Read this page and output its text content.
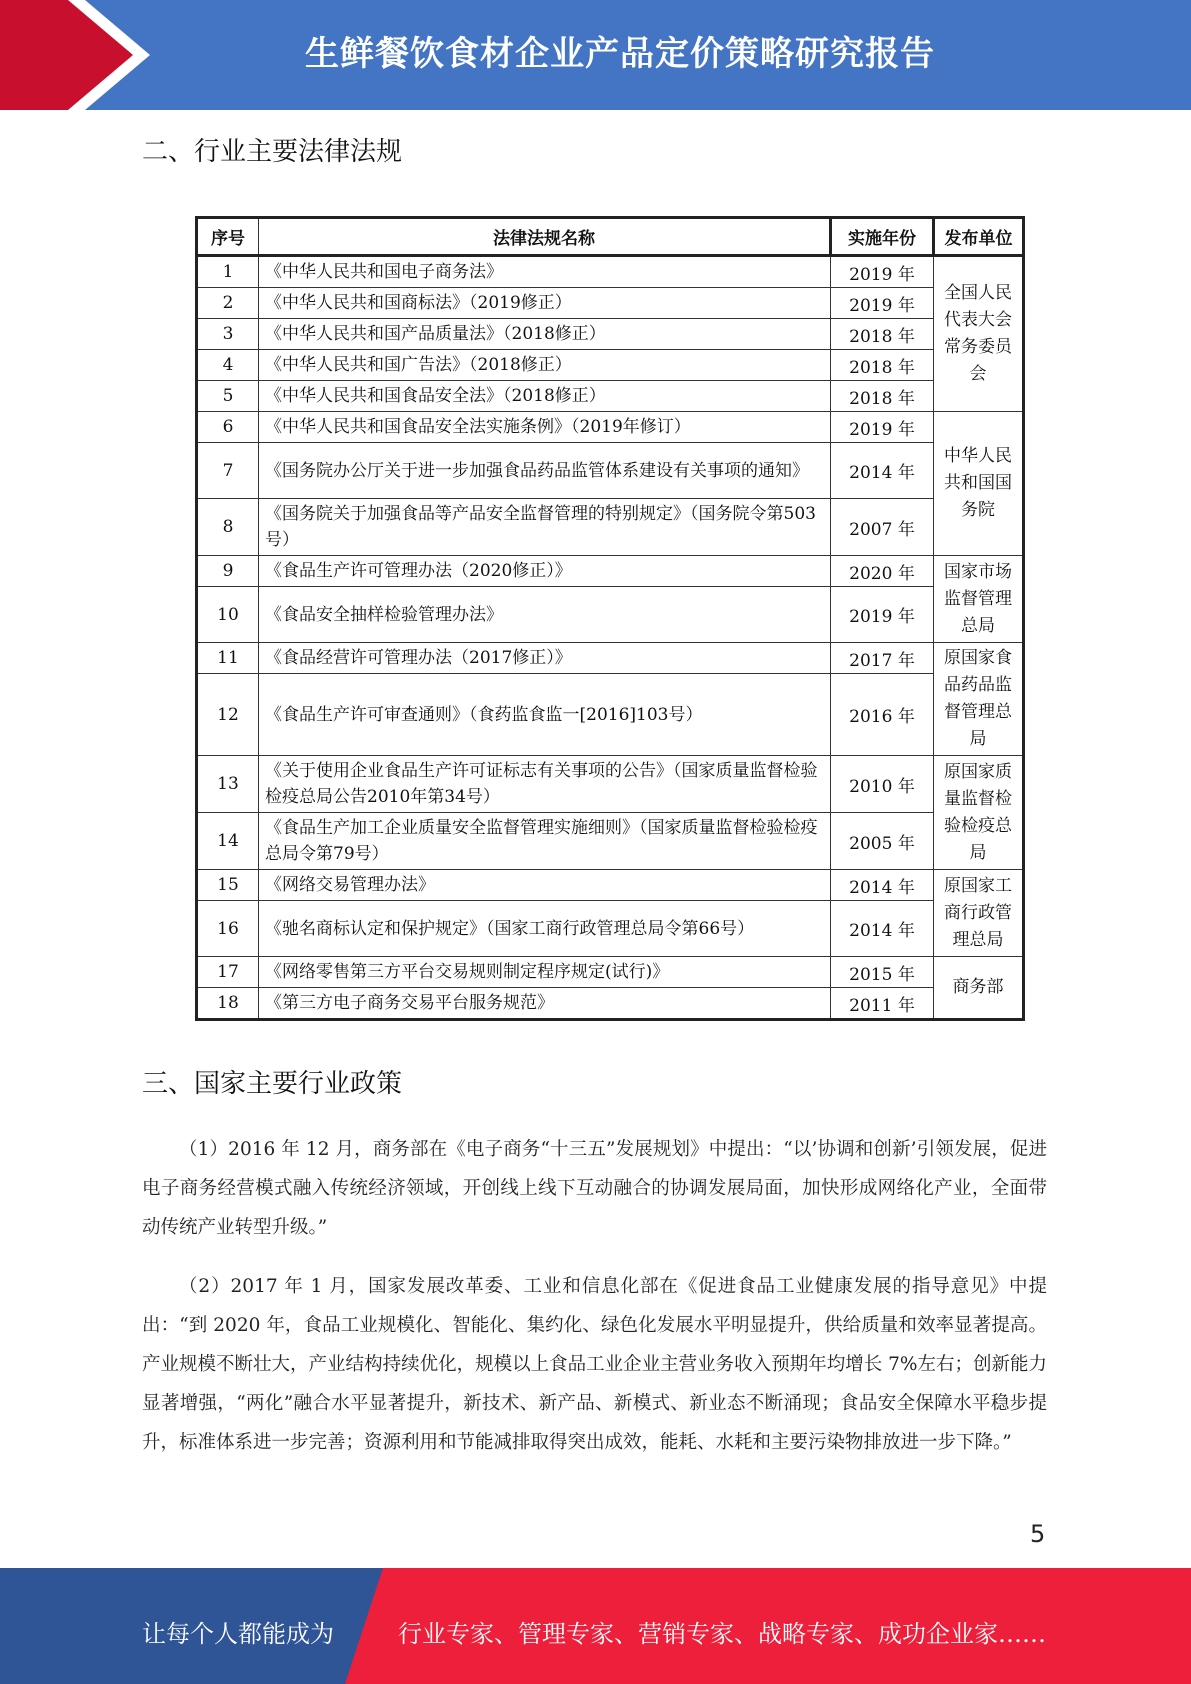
生鲜餐饮食材企业产品定价策略研究报告
二、行业主要法律法规
序号	法律法规名称	实施年份	发布单位
1	《中华人民共和国电子商务法》	2019 年	全国人民代表大会常务委员会
2	《中华人民共和国商标法》（2019修正）	2019 年	
3	《中华人民共和国产品质量法》（2018修正）	2018 年	
4	《中华人民共和国广告法》（2018修正）	2018 年	
5	《中华人民共和国食品安全法》（2018修正）	2018 年	
6	《中华人民共和国食品安全法实施条例》（2019年修订）	2019 年	中华人民共和国国务院
7	《国务院办公厅关于进一步加强食品药品监管体系建设有关事项的通知》	2014 年	
8	《国务院关于加强食品等产品安全监督管理的特别规定》（国务院令第503号）	2007 年	
9	《食品生产许可管理办法（2020修正）》	2020 年	国家市场监督管理总局
10	《食品安全抽样检验管理办法》	2019 年	
11	《食品经营许可管理办法（2017修正）》	2017 年	原国家食品药品监督管理总局
12	《食品生产许可审查通则》（食药监食监一[2016]103号）	2016 年	
13	《关于使用企业食品生产许可证标志有关事项的公告》（国家质量监督检验检疫总局公告2010年第34号）	2010 年	原国家质量监督检验检疫总局
14	《食品生产加工企业质量安全监督管理实施细则》（国家质量监督检验检疫总局令第79号）	2005 年	
15	《网络交易管理办法》	2014 年	原国家工商行政管理总局
16	《驰名商标认定和保护规定》（国家工商行政管理总局令第66号）	2014 年	
17	《网络零售第三方平台交易规则制定程序规定(试行)》	2015 年	商务部
18	《第三方电子商务交易平台服务规范》	2011 年	
三、国家主要行业政策

（1）2016 年 12 月，商务部在《电子商务“十三五”发展规划》中提出：“以’协调和创新’引领发展，促进电子商务经营模式融入传统经济领域，开创线上线下互动融合的协调发展局面，加快形成网络化产业，全面带动传统产业转型升级。”

（2）2017 年 1 月，国家发展改革委、工业和信息化部在《促进食品工业健康发展的指导意见》中提出：“到 2020 年，食品工业规模化、智能化、集约化、绿色化发展水平明显提升，供给质量和效率显著提高。产业规模不断壮大，产业结构持续优化，规模以上食品工业企业主营业务收入预期年均增长 7%左右；创新能力显著增强，“两化”融合水平显著提升，新技术、新产品、新模式、新业态不断涌现；食品安全保障水平稳步提升，标准体系进一步完善；资源利用和节能减排取得突出成效，能耗、水耗和主要污染物排放进一步下降。”

5
让每个人都能成为	行业专家、管理专家、营销专家、战略专家、成功企业家……
